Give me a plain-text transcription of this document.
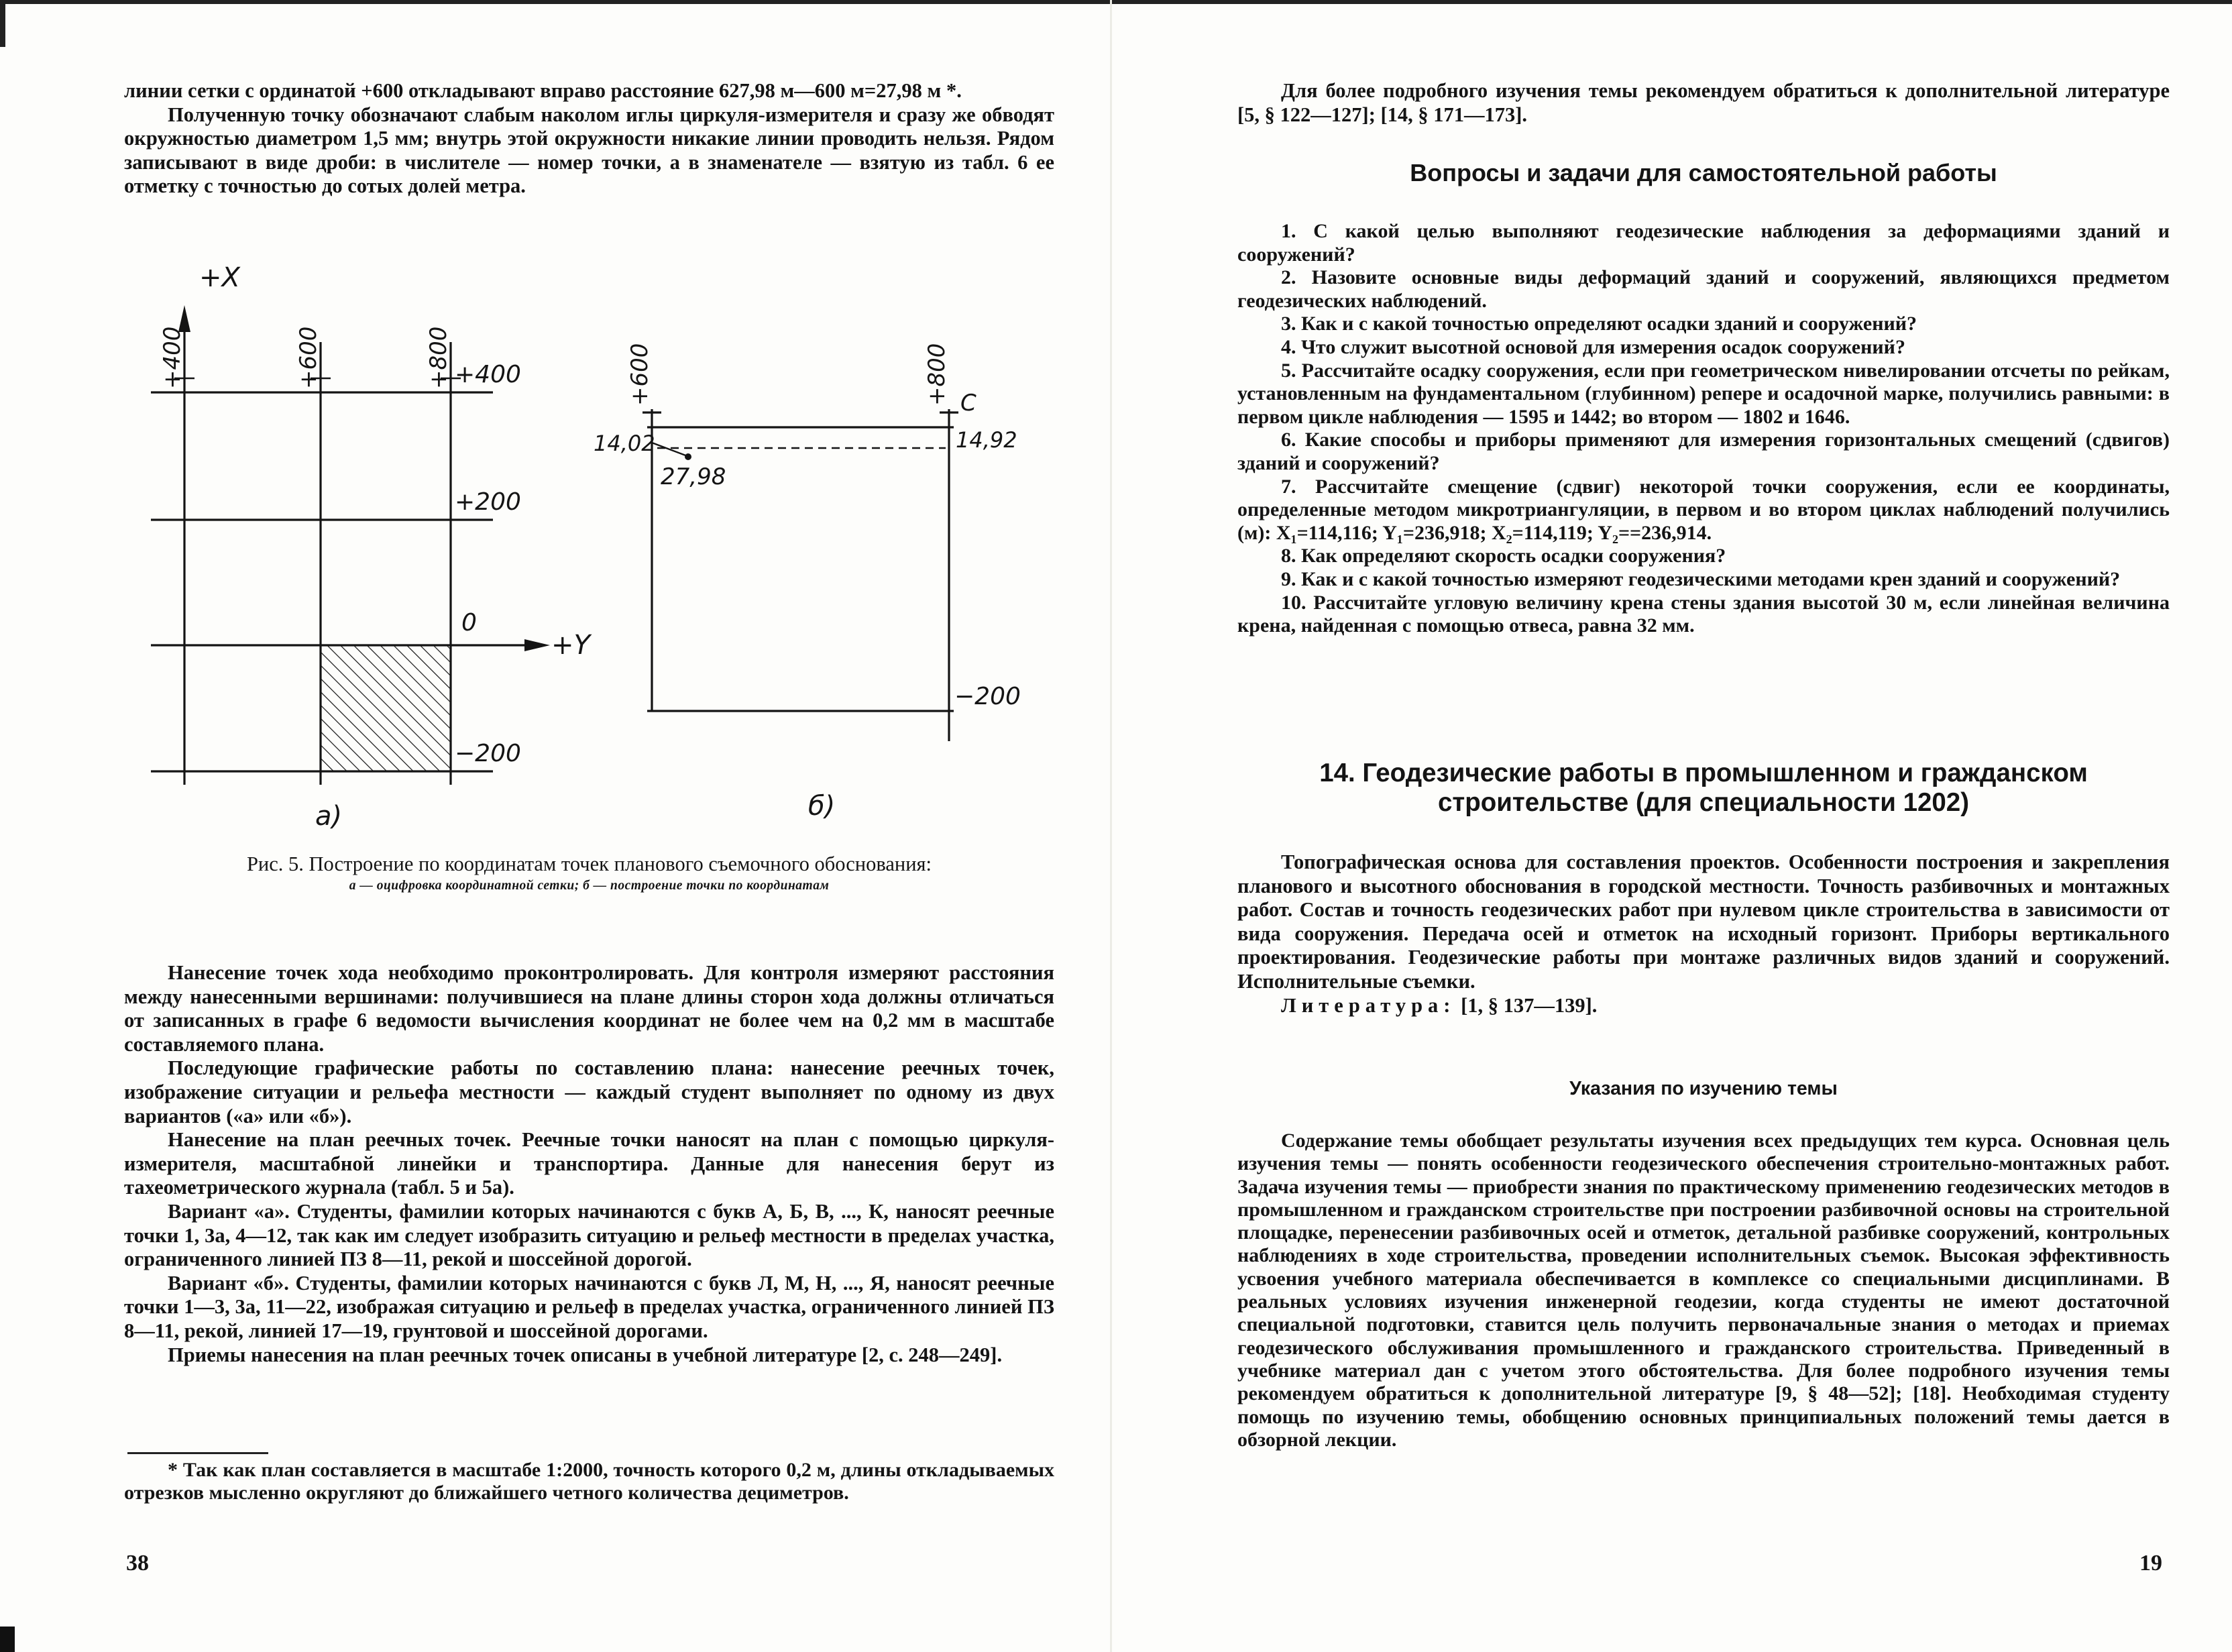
линии сетки с ординатой +600 откладывают вправо расстояние 627,98 м—600 м=27,98 м *.

Полученную точку обозначают слабым наколом иглы циркуля-измерителя и сразу же обводят окружностью диаметром 1,5 мм; внутрь этой окружности никакие линии проводить нельзя. Рядом записывают в виде дроби: в числителе — номер точки, а в знаменателе — взятую из табл. 6 ее отметку с точностью до сотых долей метра.

+X
+Y
+400	+600	+800 +400
+200
0
−200
а)
+600	+800 С
14,02	14,92
27,98
−200
б)

Рис. 5. Построение по координатам точек планового съемочного обоснования:

а — оцифровка координатной сетки; б — построение точки по координатам

Нанесение точек хода необходимо проконтролировать. Для контроля измеряют расстояния между нанесенными вершинами: получившиеся на плане длины сторон хода должны отличаться от записанных в графе 6 ведомости вычисления координат не более чем на 0,2 мм в масштабе составляемого плана.

Последующие графические работы по составлению плана: нанесение реечных точек, изображение ситуации и рельефа местности — каждый студент выполняет по одному из двух вариантов («а» или «б»).

Нанесение на план реечных точек. Реечные точки наносят на план с помощью циркуля-измерителя, масштабной линейки и транспортира. Данные для нанесения берут из тахеометрического журнала (табл. 5 и 5а).

Вариант «а». Студенты, фамилии которых начинаются с букв А, Б, В, ..., К, наносят реечные точки 1, 3а, 4—12, так как им следует изобразить ситуацию и рельеф местности в пределах участка, ограниченного линией ПЗ 8—11, рекой и шоссейной дорогой.

Вариант «б». Студенты, фамилии которых начинаются с букв Л, М, Н, ..., Я, наносят реечные точки 1—3, 3а, 11—22, изображая ситуацию и рельеф в пределах участка, ограниченного линией ПЗ 8—11, рекой, линией 17—19, грунтовой и шоссейной дорогами.

Приемы нанесения на план реечных точек описаны в учебной литературе [2, с. 248—249].

* Так как план составляется в масштабе 1:2000, точность которого 0,2 м, длины откладываемых отрезков мысленно округляют до ближайшего четного количества дециметров.

38

Для более подробного изучения темы рекомендуем обратиться к дополнительной литературе [5, § 122—127]; [14, § 171—173].

Вопросы и задачи для самостоятельной работы

1. С какой целью выполняют геодезические наблюдения за деформациями зданий и сооружений?

2. Назовите основные виды деформаций зданий и сооружений, являющихся предметом геодезических наблюдений.

3. Как и с какой точностью определяют осадки зданий и сооружений?

4. Что служит высотной основой для измерения осадок сооружений?

5. Рассчитайте осадку сооружения, если при геометрическом нивелировании отсчеты по рейкам, установленным на фундаментальном (глубинном) репере и осадочной марке, получились равными: в первом цикле наблюдения — 1595 и 1442; во втором — 1802 и 1646.

6. Какие способы и приборы применяют для измерения горизонтальных смещений (сдвигов) зданий и сооружений?

7. Рассчитайте смещение (сдвиг) некоторой точки сооружения, если ее координаты, определенные методом микротриангуляции, в первом и во втором циклах наблюдений получились (м): X₁=114,116; Y₁=236,918; X₂=114,119; Y₂==236,914.

8. Как определяют скорость осадки сооружения?

9. Как и с какой точностью измеряют геодезическими методами крен зданий и сооружений?

10. Рассчитайте угловую величину крена стены здания высотой 30 м, если линейная величина крена, найденная с помощью отвеса, равна 32 мм.

14. Геодезические работы в промышленном и гражданском строительстве (для специальности 1202)

Топографическая основа для составления проектов. Особенности построения и закрепления планового и высотного обоснования в городской местности. Точность разбивочных и монтажных работ. Состав и точность геодезических работ при нулевом цикле строительства в зависимости от вида сооружения. Передача осей и отметок на исходный горизонт. Приборы вертикального проектирования. Геодезические работы при монтаже различных видов зданий и сооружений. Исполнительные съемки.

Литература: [1, § 137—139].

Указания по изучению темы

Содержание темы обобщает результаты изучения всех предыдущих тем курса. Основная цель изучения темы — понять особенности геодезического обеспечения строительно-монтажных работ. Задача изучения темы — приобрести знания по практическому применению геодезических методов в промышленном и гражданском строительстве при построении разбивочной основы на строительной площадке, перенесении разбивочных осей и отметок, детальной разбивке сооружений, контрольных наблюдениях в ходе строительства, проведении исполнительных съемок. Высокая эффективность усвоения учебного материала обеспечивается в комплексе со специальными дисциплинами. В реальных условиях изучения инженерной геодезии, когда студенты не имеют достаточной специальной подготовки, ставится цель получить первоначальные знания о методах и приемах геодезического обслуживания промышленного и гражданского строительства. Приведенный в учебнике материал дан с учетом этого обстоятельства. Для более подробного изучения темы рекомендуем обратиться к дополнительной литературе [9, § 48—52]; [18]. Необходимая студенту помощь по изучению темы, обобщению основных принципиальных положений темы дается в обзорной лекции.

19
